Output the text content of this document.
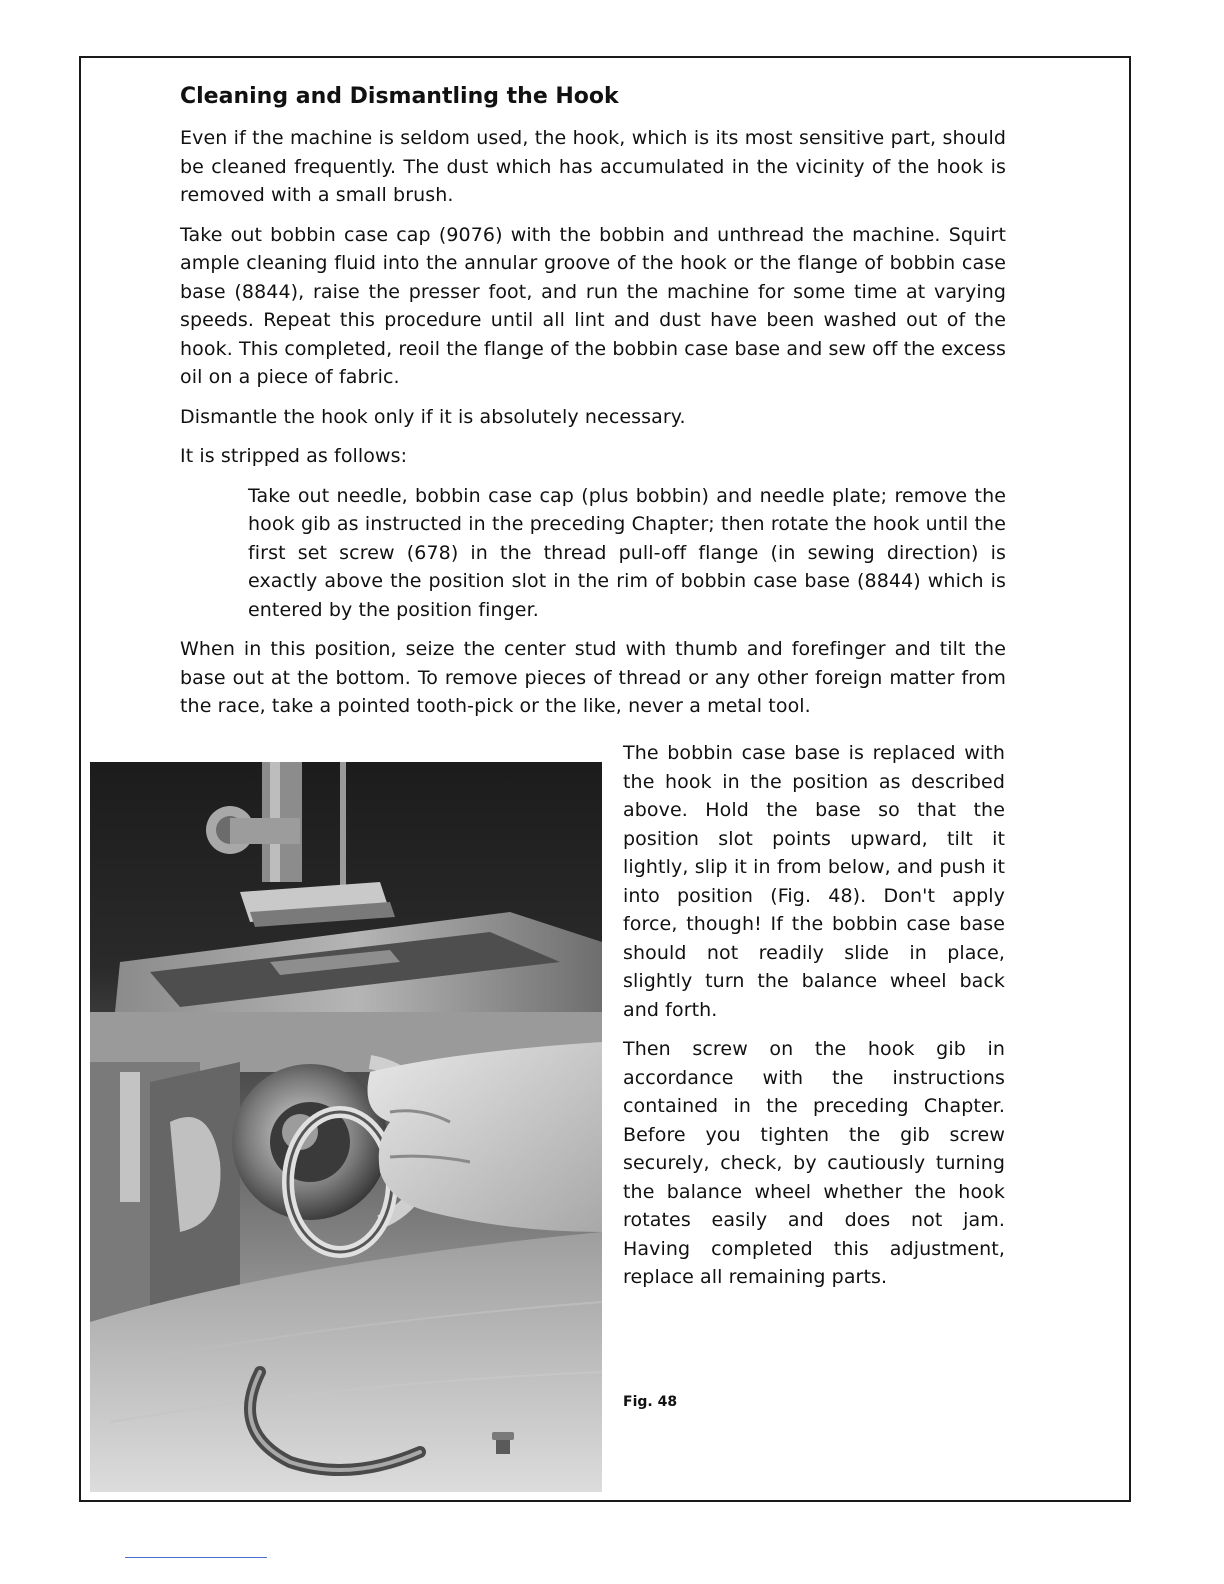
Cleaning and Dismantling the Hook

Even if the machine is seldom used, the hook, which is its most sensitive part, should be cleaned frequently. The dust which has accumulated in the vicinity of the hook is removed with a small brush.

Take out bobbin case cap (9076) with the bobbin and unthread the machine. Squirt ample cleaning fluid into the annular groove of the hook or the flange of bobbin case base (8844), raise the presser foot, and run the machine for some time at varying speeds. Repeat this procedure until all lint and dust have been washed out of the hook. This completed, reoil the flange of the bobbin case base and sew off the excess oil on a piece of fabric.

Dismantle the hook only if it is absolutely necessary.

It is stripped as follows:

Take out needle, bobbin case cap (plus bobbin) and needle plate; remove the hook gib as instructed in the preceding Chapter; then rotate the hook until the first set screw (678) in the thread pull-off flange (in sewing direction) is exactly above the position slot in the rim of bobbin case base (8844) which is entered by the position finger.

When in this position, seize the center stud with thumb and forefinger and tilt the base out at the bottom. To remove pieces of thread or any other foreign matter from the race, take a pointed tooth-pick or the like, never a metal tool.

The bobbin case base is replaced with the hook in the position as described above. Hold the base so that the position slot points upward, tilt it lightly, slip it in from below, and push it into position (Fig. 48). Don't apply force, though! If the bobbin case base should not readily slide in place, slightly turn the balance wheel back and forth.

Then screw on the hook gib in accordance with the instructions contained in the preceding Chapter. Before you tighten the gib screw securely, check, by cautiously turning the balance wheel whether the hook rotates easily and does not jam. Having completed this adjustment, replace all remaining parts.

Fig. 48
